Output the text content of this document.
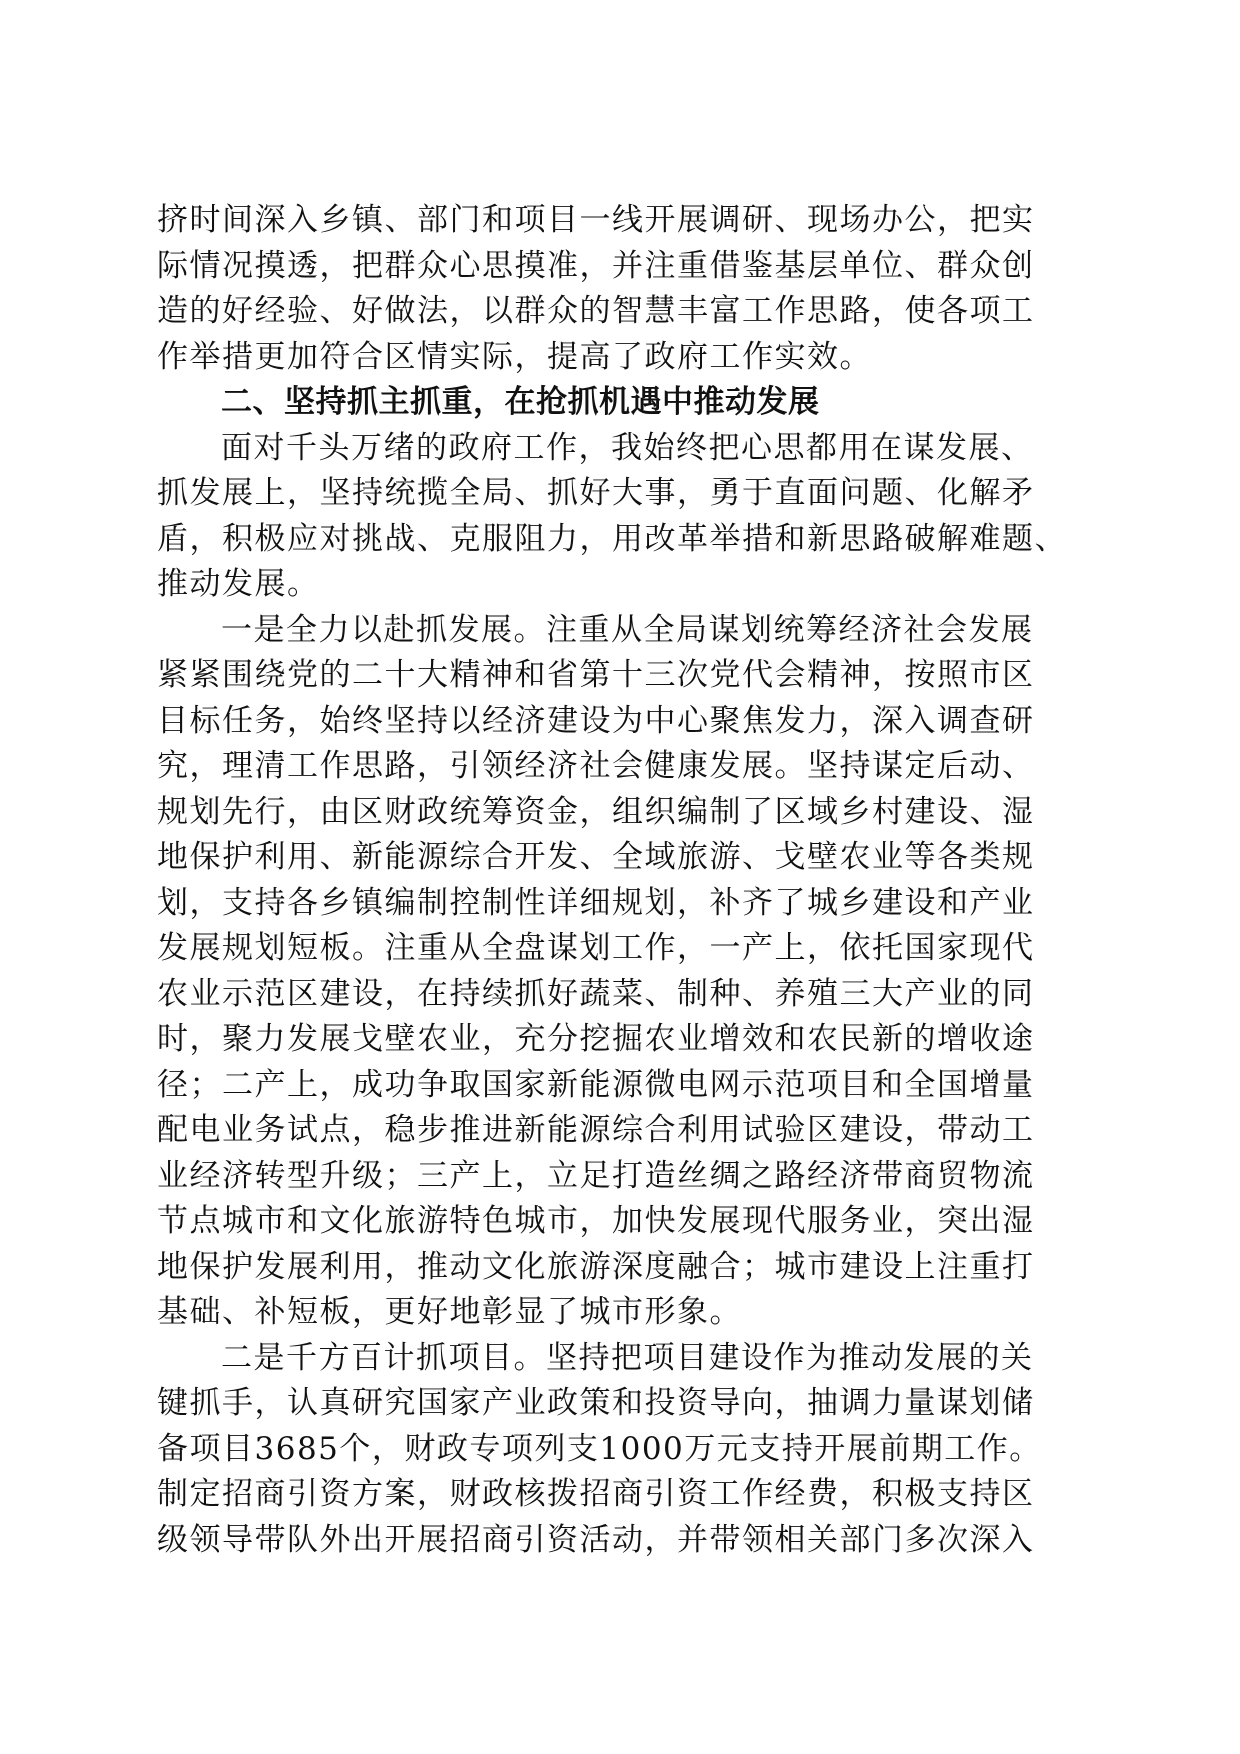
挤时间深入乡镇、部门和项目一线开展调研、现场办公，把实
际情况摸透，把群众心思摸准，并注重借鉴基层单位、群众创
造的好经验、好做法，以群众的智慧丰富工作思路，使各项工
作举措更加符合区情实际，提高了政府工作实效。
二、坚持抓主抓重，在抢抓机遇中推动发展
面对千头万绪的政府工作，我始终把心思都用在谋发展、
抓发展上，坚持统揽全局、抓好大事，勇于直面问题、化解矛
盾，积极应对挑战、克服阻力，用改革举措和新思路破解难题、
推动发展。
一是全力以赴抓发展。注重从全局谋划统筹经济社会发展
紧紧围绕党的二十大精神和省第十三次党代会精神，按照市区
目标任务，始终坚持以经济建设为中心聚焦发力，深入调查研
究，理清工作思路，引领经济社会健康发展。坚持谋定后动、
规划先行，由区财政统筹资金，组织编制了区域乡村建设、湿
地保护利用、新能源综合开发、全域旅游、戈壁农业等各类规
划，支持各乡镇编制控制性详细规划，补齐了城乡建设和产业
发展规划短板。注重从全盘谋划工作，一产上，依托国家现代
农业示范区建设，在持续抓好蔬菜、制种、养殖三大产业的同
时，聚力发展戈壁农业，充分挖掘农业增效和农民新的增收途
径；二产上，成功争取国家新能源微电网示范项目和全国增量
配电业务试点，稳步推进新能源综合利用试验区建设，带动工
业经济转型升级；三产上，立足打造丝绸之路经济带商贸物流
节点城市和文化旅游特色城市，加快发展现代服务业，突出湿
地保护发展利用，推动文化旅游深度融合；城市建设上注重打
基础、补短板，更好地彰显了城市形象。
二是千方百计抓项目。坚持把项目建设作为推动发展的关
键抓手，认真研究国家产业政策和投资导向，抽调力量谋划储
备项目3685个，财政专项列支1000万元支持开展前期工作。
制定招商引资方案，财政核拨招商引资工作经费，积极支持区
级领导带队外出开展招商引资活动，并带领相关部门多次深入
